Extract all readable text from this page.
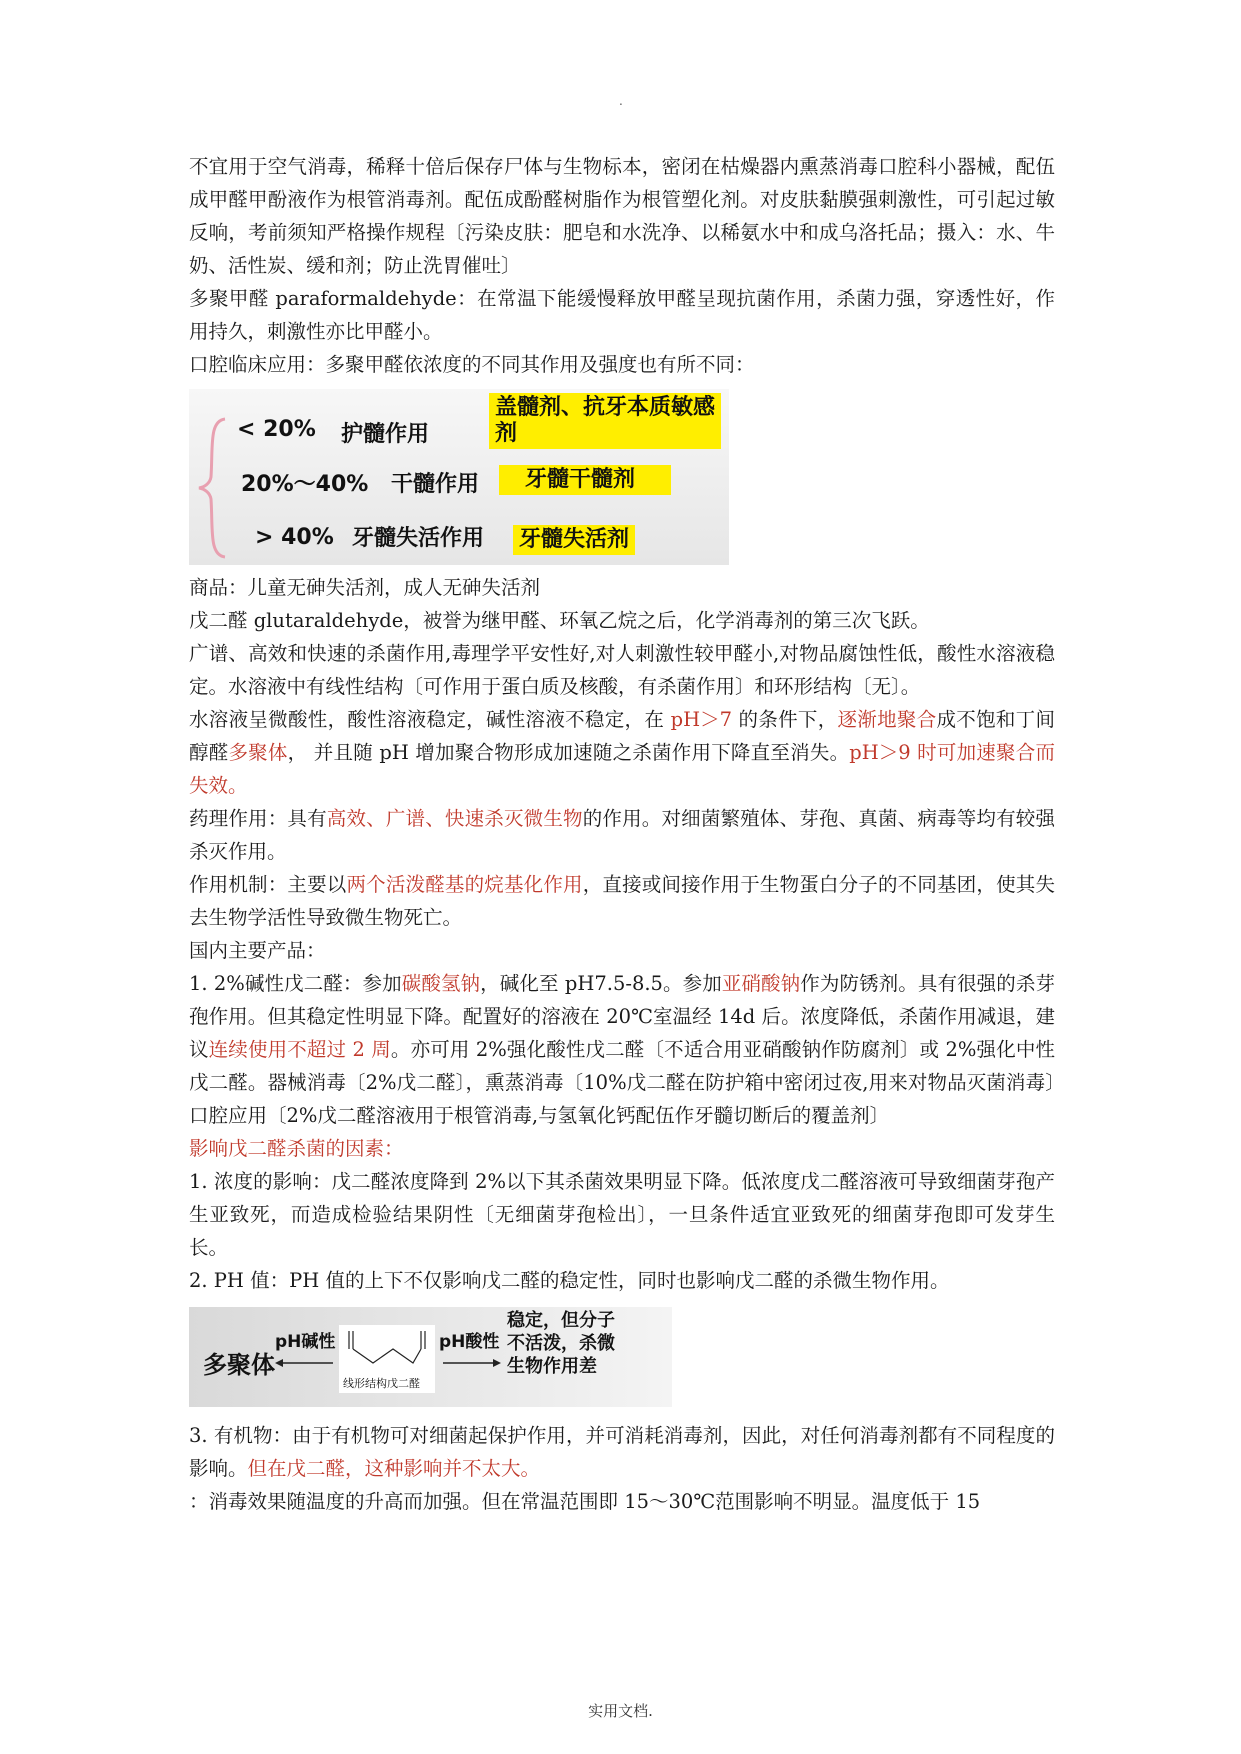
.

不宜用于空气消毒，稀释十倍后保存尸体与生物标本，密闭在枯燥器内熏蒸消毒口腔科小器械，配伍成甲醛甲酚液作为根管消毒剂。配伍成酚醛树脂作为根管塑化剂。对皮肤黏膜强刺激性，可引起过敏反响，考前须知严格操作规程〔污染皮肤：肥皂和水洗净、以稀氨水中和成乌洛托品；摄入：水、牛奶、活性炭、缓和剂；防止洗胃催吐〕

多聚甲醛 paraformaldehyde：在常温下能缓慢释放甲醛呈现抗菌作用，杀菌力强，穿透性好，作用持久，刺激性亦比甲醛小。

口腔临床应用：多聚甲醛依浓度的不同其作用及强度也有所不同：

< 20% 护髓作用
盖髓剂、抗牙本质敏感剂
20%～40% 干髓作用	牙髓干髓剂
> 40% 牙髓失活作用 牙髓失活剂

商品：儿童无砷失活剂，成人无砷失活剂

戊二醛 glutaraldehyde，被誉为继甲醛、环氧乙烷之后，化学消毒剂的第三次飞跃。

广谱、高效和快速的杀菌作用,毒理学平安性好,对人刺激性较甲醛小,对物品腐蚀性低，酸性水溶液稳定。水溶液中有线性结构〔可作用于蛋白质及核酸，有杀菌作用〕和环形结构〔无〕。

水溶液呈微酸性，酸性溶液稳定，碱性溶液不稳定，在 pH＞7 的条件下，逐渐地聚合成不饱和丁间醇醛多聚体， 并且随 pH 增加聚合物形成加速随之杀菌作用下降直至消失。pH＞9 时可加速聚合而失效。

药理作用：具有高效、广谱、快速杀灭微生物的作用。对细菌繁殖体、芽孢、真菌、病毒等均有较强杀灭作用。

作用机制：主要以两个活泼醛基的烷基化作用，直接或间接作用于生物蛋白分子的不同基团，使其失去生物学活性导致微生物死亡。

国内主要产品：

1. 2%碱性戊二醛：参加碳酸氢钠，碱化至 pH7.5-8.5。参加亚硝酸钠作为防锈剂。具有很强的杀芽孢作用。但其稳定性明显下降。配置好的溶液在 20℃室温经 14d 后。浓度降低，杀菌作用减退，建议连续使用不超过 2 周。亦可用 2%强化酸性戊二醛〔不适合用亚硝酸钠作防腐剂〕或 2%强化中性戊二醛。器械消毒〔2%戊二醛〕，熏蒸消毒〔10%戊二醛在防护箱中密闭过夜,用来对物品灭菌消毒〕口腔应用〔2%戊二醛溶液用于根管消毒,与氢氧化钙配伍作牙髓切断后的覆盖剂〕

影响戊二醛杀菌的因素：

1. 浓度的影响：戊二醛浓度降到 2%以下其杀菌效果明显下降。低浓度戊二醛溶液可导致细菌芽孢产生亚致死，而造成检验结果阴性〔无细菌芽孢检出〕，一旦条件适宜亚致死的细菌芽孢即可发芽生长。

2. PH 值：PH 值的上下不仅影响戊二醛的稳定性，同时也影响戊二醛的杀微生物作用。

多聚体
pH碱性
线形结构戊二醛
pH酸性
稳定，但分子不活泼，杀微生物作用差

3. 有机物：由于有机物可对细菌起保护作用，并可消耗消毒剂，因此，对任何消毒剂都有不同程度的影响。但在戊二醛，这种影响并不太大。

：消毒效果随温度的升高而加强。但在常温范围即 15～30℃范围影响不明显。温度低于 15

实用文档.
